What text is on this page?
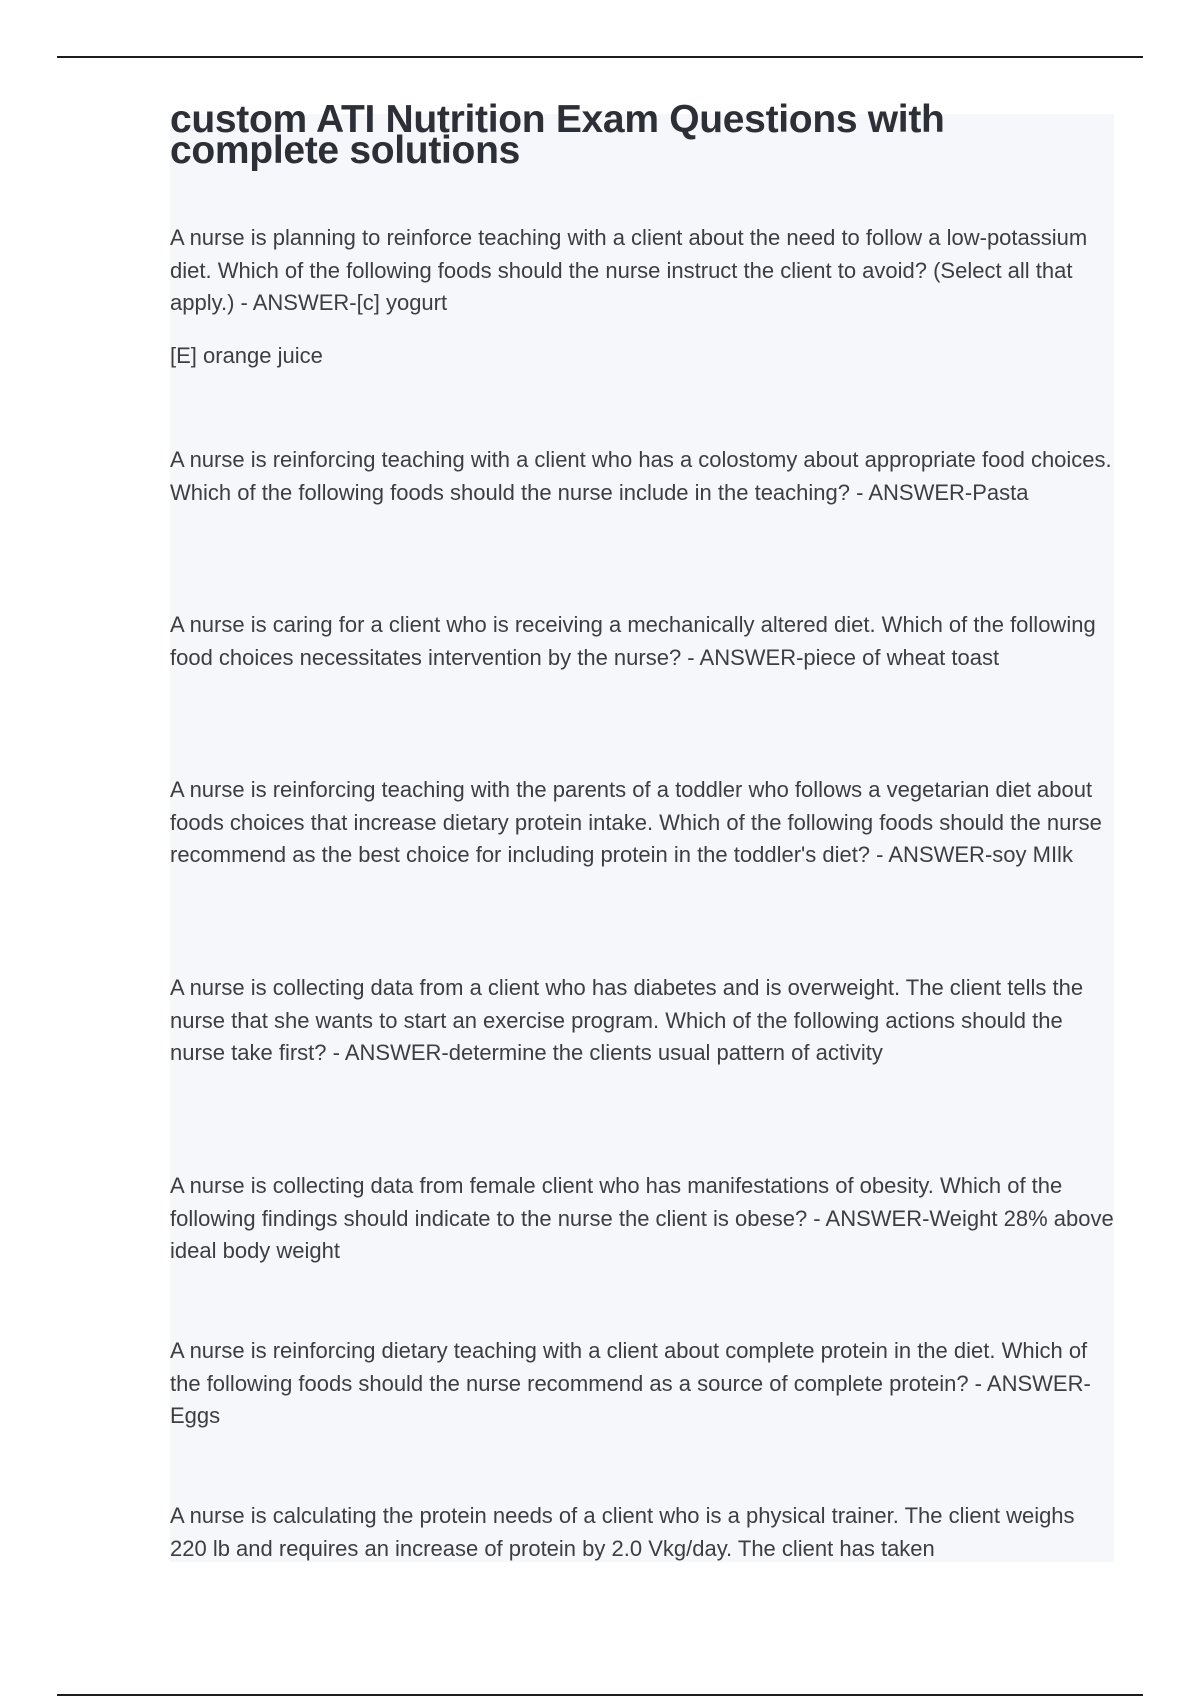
custom ATI Nutrition Exam Questions with complete solutions

A nurse is planning to reinforce teaching with a client about the need to follow a low-potassium diet. Which of the following foods should the nurse instruct the client to avoid? (Select all that apply.) - ANSWER-[c] yogurt

[E] orange juice

A nurse is reinforcing teaching with a client who has a colostomy about appropriate food choices. Which of the following foods should the nurse include in the teaching? - ANSWER-Pasta

A nurse is caring for a client who is receiving a mechanically altered diet. Which of the following food choices necessitates intervention by the nurse? - ANSWER-piece of wheat toast

A nurse is reinforcing teaching with the parents of a toddler who follows a vegetarian diet about foods choices that increase dietary protein intake. Which of the following foods should the nurse recommend as the best choice for including protein in the toddler's diet? - ANSWER-soy MIlk

A nurse is collecting data from a client who has diabetes and is overweight. The client tells the nurse that she wants to start an exercise program. Which of the following actions should the nurse take first? - ANSWER-determine the clients usual pattern of activity

A nurse is collecting data from female client who has manifestations of obesity. Which of the following findings should indicate to the nurse the client is obese? - ANSWER-Weight 28% above ideal body weight

A nurse is reinforcing dietary teaching with a client about complete protein in the diet. Which of the following foods should the nurse recommend as a source of complete protein? - ANSWER-Eggs

A nurse is calculating the protein needs of a client who is a physical trainer. The client weighs 220 lb and requires an increase of protein by 2.0 Vkg/day. The client has taken
